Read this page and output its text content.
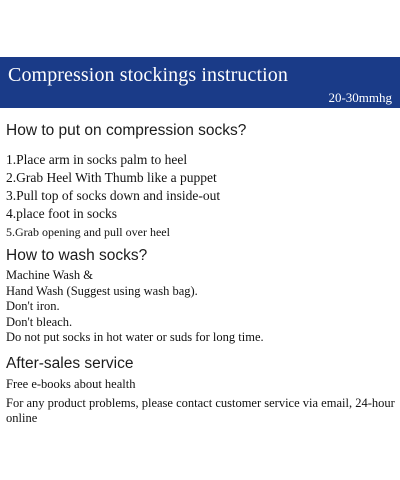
Compression stockings instruction
20-30mmhg
How to put on compression socks?
1.Place arm in socks palm to heel
2.Grab Heel With Thumb like a puppet
3.Pull top of socks down and inside-out
4.place foot in socks
5.Grab opening and pull over heel
How to wash socks?
Machine Wash &
Hand Wash (Suggest using wash bag).
Don't iron.
Don't bleach.
Do not put socks in hot water or suds for long time.
After-sales service
Free e-books about health
For any product problems, please contact customer service via email, 24-hour online
